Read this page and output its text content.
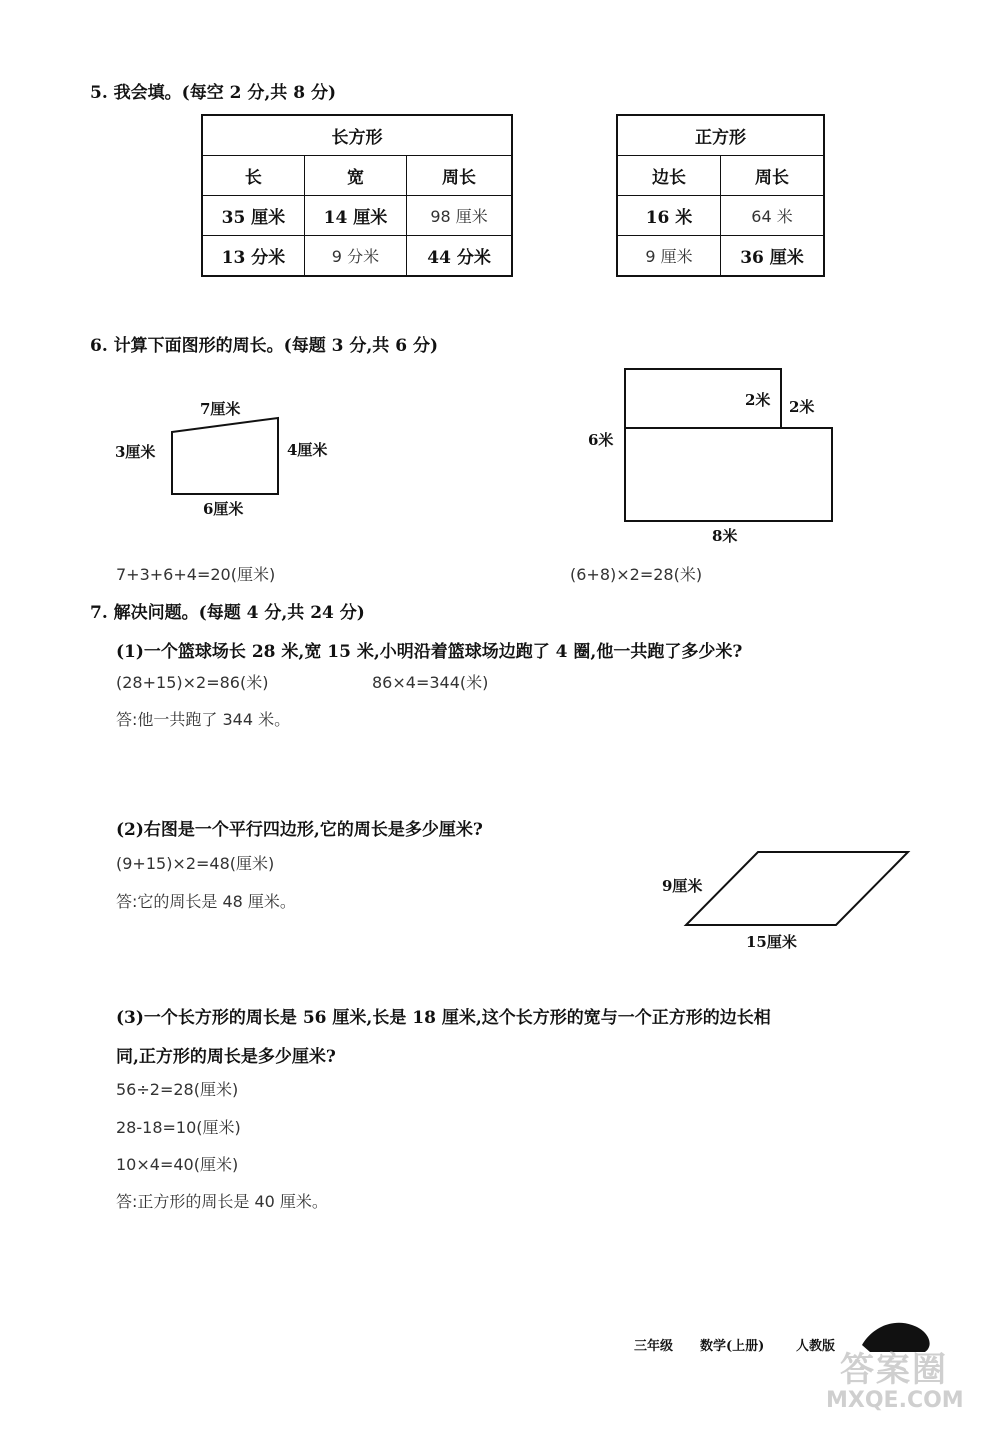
5. 我会填。(每空 2 分,共 8 分)
长方形		
长	宽	周长
35 厘米	14 厘米	98 厘米
13 分米	9 分米	44 分米
正方形	
边长	周长
16 米	64 米
9 厘米	36 厘米
6. 计算下面图形的周长。(每题 3 分,共 6 分)
7厘米
3厘米	4厘米
6厘米
2米 2米
6米
8米
7+3+6+4=20(厘米)	(6+8)×2=28(米)
7. 解决问题。(每题 4 分,共 24 分)
(1)一个篮球场长 28 米,宽 15 米,小明沿着篮球场边跑了 4 圈,他一共跑了多少米?
(28+15)×2=86(米)	86×4=344(米)
答:他一共跑了 344 米。
(2)右图是一个平行四边形,它的周长是多少厘米?
(9+15)×2=48(厘米)
答:它的周长是 48 厘米。
9厘米
15厘米
(3)一个长方形的周长是 56 厘米,长是 18 厘米,这个长方形的宽与一个正方形的边长相
同,正方形的周长是多少厘米?
56÷2=28(厘米)
28-18=10(厘米)
10×4=40(厘米)
答:正方形的周长是 40 厘米。
三年级 数学(上册) 人教版
答案圈
MXQE.COM
